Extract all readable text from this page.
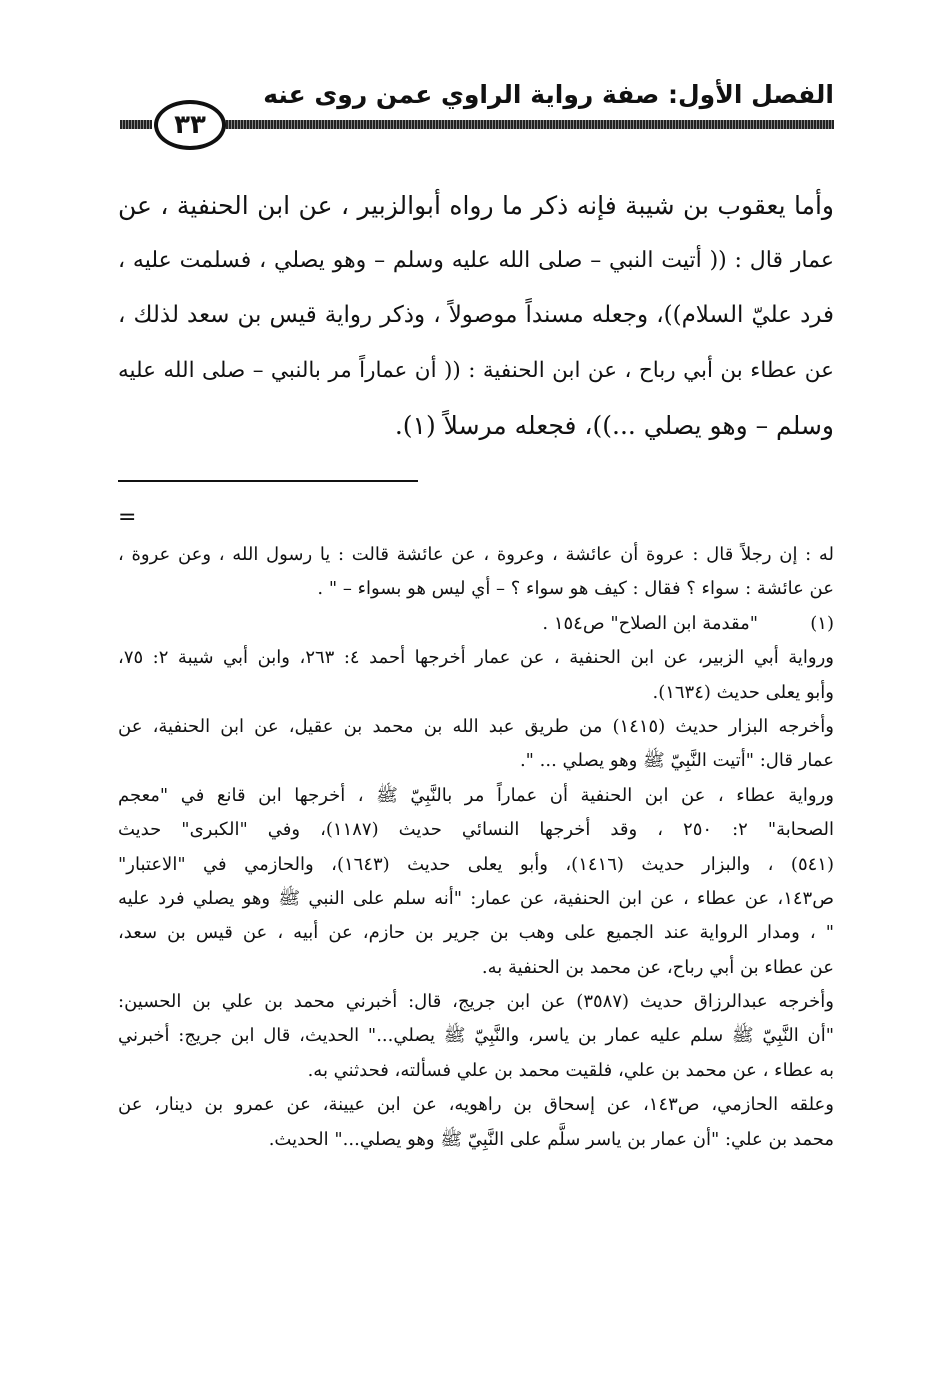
الفصل الأول: صفة رواية الراوي عمن روى عنه
٣٣
وأما يعقوب بن شيبة فإنه ذكر ما رواه أبوالزبير ، عن ابن الحنفية ، عن
عمار قال : (( أتيت النبي – صلى الله عليه وسلم – وهو يصلي ، فسلمت عليه ،
فرد عليّ السلام))، وجعله مسنداً موصولاً ، وذكر رواية قيس بن سعد لذلك ،
عن عطاء بن أبي رباح ، عن ابن الحنفية : (( أن عماراً مر بالنبي – صلى الله عليه
وسلم – وهو يصلي ...))، فجعله مرسلاً (١).
=
له : إن رجلاً قال : عروة أن عائشة ، وعروة ، عن عائشة قالت : يا رسول الله ، وعن عروة ،
عن عائشة : سواء ؟ فقال : كيف هو سواء ؟ – أي ليس هو بسواء – " .
(١)
"مقدمة ابن الصلاح" ص١٥٤ .
ورواية أبي الزبير، عن ابن الحنفية ، عن عمار أخرجها أحمد ٤: ٢٦٣، وابن أبي شيبة ٢: ٧٥،
وأبو يعلى حديث (١٦٣٤).
وأخرجه البزار حديث (١٤١٥) من طريق عبد الله بن محمد بن عقيل، عن ابن الحنفية، عن
عمار قال: "أتيت النَّبِيّ ﷺ وهو يصلي ... ".
ورواية عطاء ، عن ابن الحنفية أن عماراً مر بالنَّبِيّ ﷺ ، أخرجها ابن قانع في "معجم
الصحابة" ٢: ٢٥٠ ، وقد أخرجها النسائي حديث (١١٨٧)، وفي "الكبرى" حديث
(٥٤١) ، والبزار حديث (١٤١٦)، وأبو يعلى حديث (١٦٤٣)، والحازمي في "الاعتبار"
ص١٤٣، عن عطاء ، عن ابن الحنفية، عن عمار: "أنه سلم على النبي ﷺ وهو يصلي فرد عليه
" ، ومدار الرواية عند الجميع على وهب بن جرير بن حازم، عن أبيه ، عن قيس بن سعد،
عن عطاء بن أبي رباح، عن محمد بن الحنفية به.
وأخرجه عبدالرزاق حديث (٣٥٨٧) عن ابن جريج، قال: أخبرني محمد بن علي بن الحسين:
"أن النَّبِيّ ﷺ سلم عليه عمار بن ياسر، والنَّبِيّ ﷺ يصلي..." الحديث، قال ابن جريج: أخبرني
به عطاء ، عن محمد بن علي، فلقيت محمد بن علي فسألته، فحدثني به.
وعلقه الحازمي، ص١٤٣، عن إسحاق بن راهويه، عن ابن عيينة، عن عمرو بن دينار، عن
محمد بن علي: "أن عمار بن ياسر سلَّم على النَّبِيّ ﷺ وهو يصلي..." الحديث.
